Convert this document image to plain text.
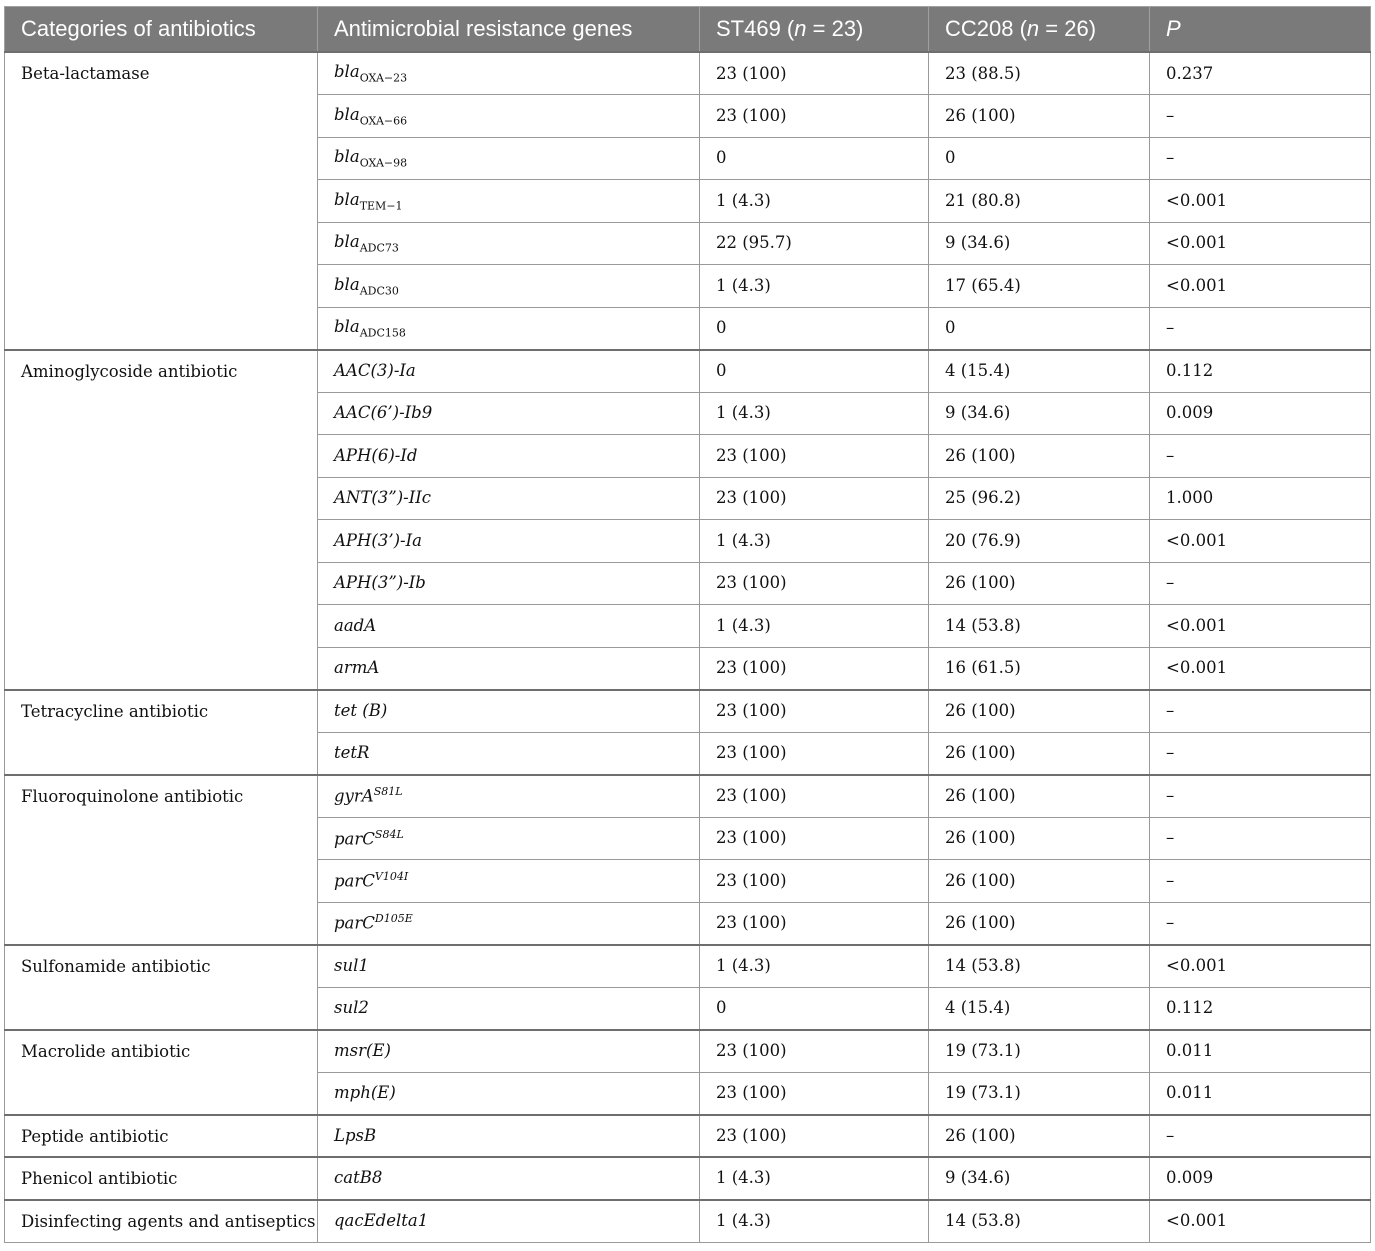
Categories of antibiotics	Antimicrobial resistance genes	ST469 (n = 23)	CC208 (n = 26)	P
Beta-lactamase	bla$_{OXA-23}$	23 (100)	23 (88.5)	0.237
	bla$_{OXA-66}$	23 (100)	26 (100)	–
	bla$_{OXA-98}$	0	0	–
	bla$_{TEM-1}$	1 (4.3)	21 (80.8)	<0.001
	bla$_{ADC73}$	22 (95.7)	9 (34.6)	<0.001
	bla$_{ADC30}$	1 (4.3)	17 (65.4)	<0.001
	bla$_{ADC158}$	0	0	–
Aminoglycoside antibiotic	AAC(3)-Ia	0	4 (15.4)	0.112
	AAC(6’)-Ib9	1 (4.3)	9 (34.6)	0.009
	APH(6)-Id	23 (100)	26 (100)	–
	ANT(3”)-IIc	23 (100)	25 (96.2)	1.000
	APH(3’)-Ia	1 (4.3)	20 (76.9)	<0.001
	APH(3”)-Ib	23 (100)	26 (100)	–
	aadA	1 (4.3)	14 (53.8)	<0.001
	armA	23 (100)	16 (61.5)	<0.001
Tetracycline antibiotic	tet (B)	23 (100)	26 (100)	–
	tetR	23 (100)	26 (100)	–
Fluoroquinolone antibiotic	gyrA$^{S81L}$	23 (100)	26 (100)	–
	parC$^{S84L}$	23 (100)	26 (100)	–
	parC$^{V104I}$	23 (100)	26 (100)	–
	parC$^{D105E}$	23 (100)	26 (100)	–
Sulfonamide antibiotic	sul1	1 (4.3)	14 (53.8)	<0.001
	sul2	0	4 (15.4)	0.112
Macrolide antibiotic	msr(E)	23 (100)	19 (73.1)	0.011
	mph(E)	23 (100)	19 (73.1)	0.011
Peptide antibiotic	LpsB	23 (100)	26 (100)	–
Phenicol antibiotic	catB8	1 (4.3)	9 (34.6)	0.009
Disinfecting agents and antiseptics	qacEdelta1	1 (4.3)	14 (53.8)	<0.001
